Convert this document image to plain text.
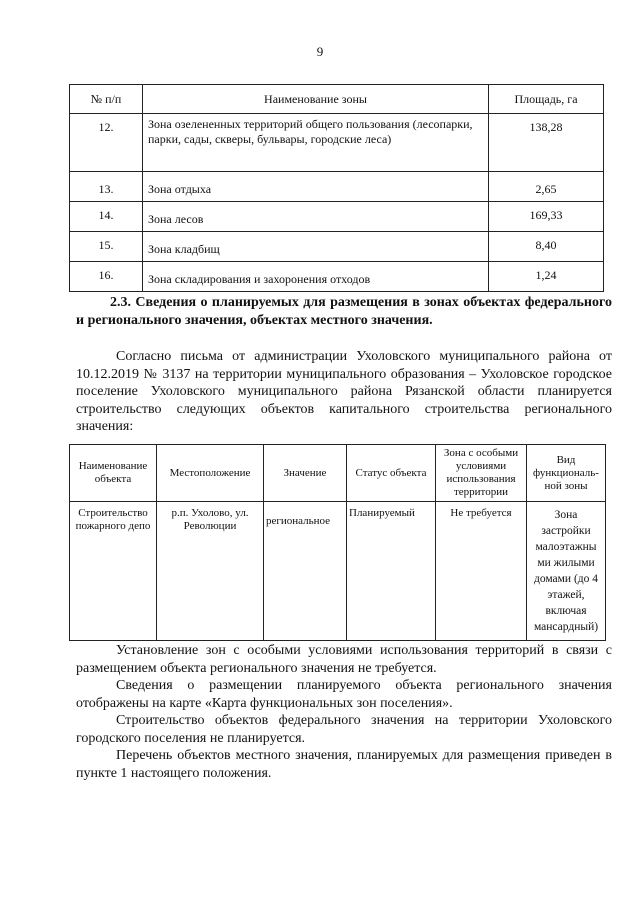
9
№ п/п	Наименование зоны	Площадь, га
12.	Зона озелененных территорий общего пользования (лесопарки, парки, сады, скверы, бульвары, городские леса)	138,28
13.	Зона отдыха	2,65
14.	Зона лесов	169,33
15.	Зона кладбищ	8,40
16.	Зона складирования и захоронения отходов	1,24
2.3. Сведения о планируемых для размещения в зонах объектах федерального и регионального значения, объектах местного значения.

Согласно письма от администрации Ухоловского муниципального района от 10.12.2019 № 3137 на территории муниципального образования – Ухоловское городское поселение Ухоловского муниципального района Рязанской области планируется строительство следующих объектов капитального строительства регионального значения:

Наименование объекта	Местоположение	Значение	Статус объекта	Зона с особыми условиями использования территории	Вид функциональ-ной зоны
Строительство пожарного депо	р.п. Ухолово, ул. Революции	региональное	Планируемый	Не требуется	Зона застройки малоэтажны ми жилыми домами (до 4 этажей, включая мансардный)

Установление зон с особыми условиями использования территорий в связи с размещением объекта регионального значения не требуется.

Сведения о размещении планируемого объекта регионального значения отображены на карте «Карта функциональных зон поселения».

Строительство объектов федерального значения на территории Ухоловского городского поселения не планируется.

Перечень объектов местного значения, планируемых для размещения приведен в пункте 1 настоящего положения.
